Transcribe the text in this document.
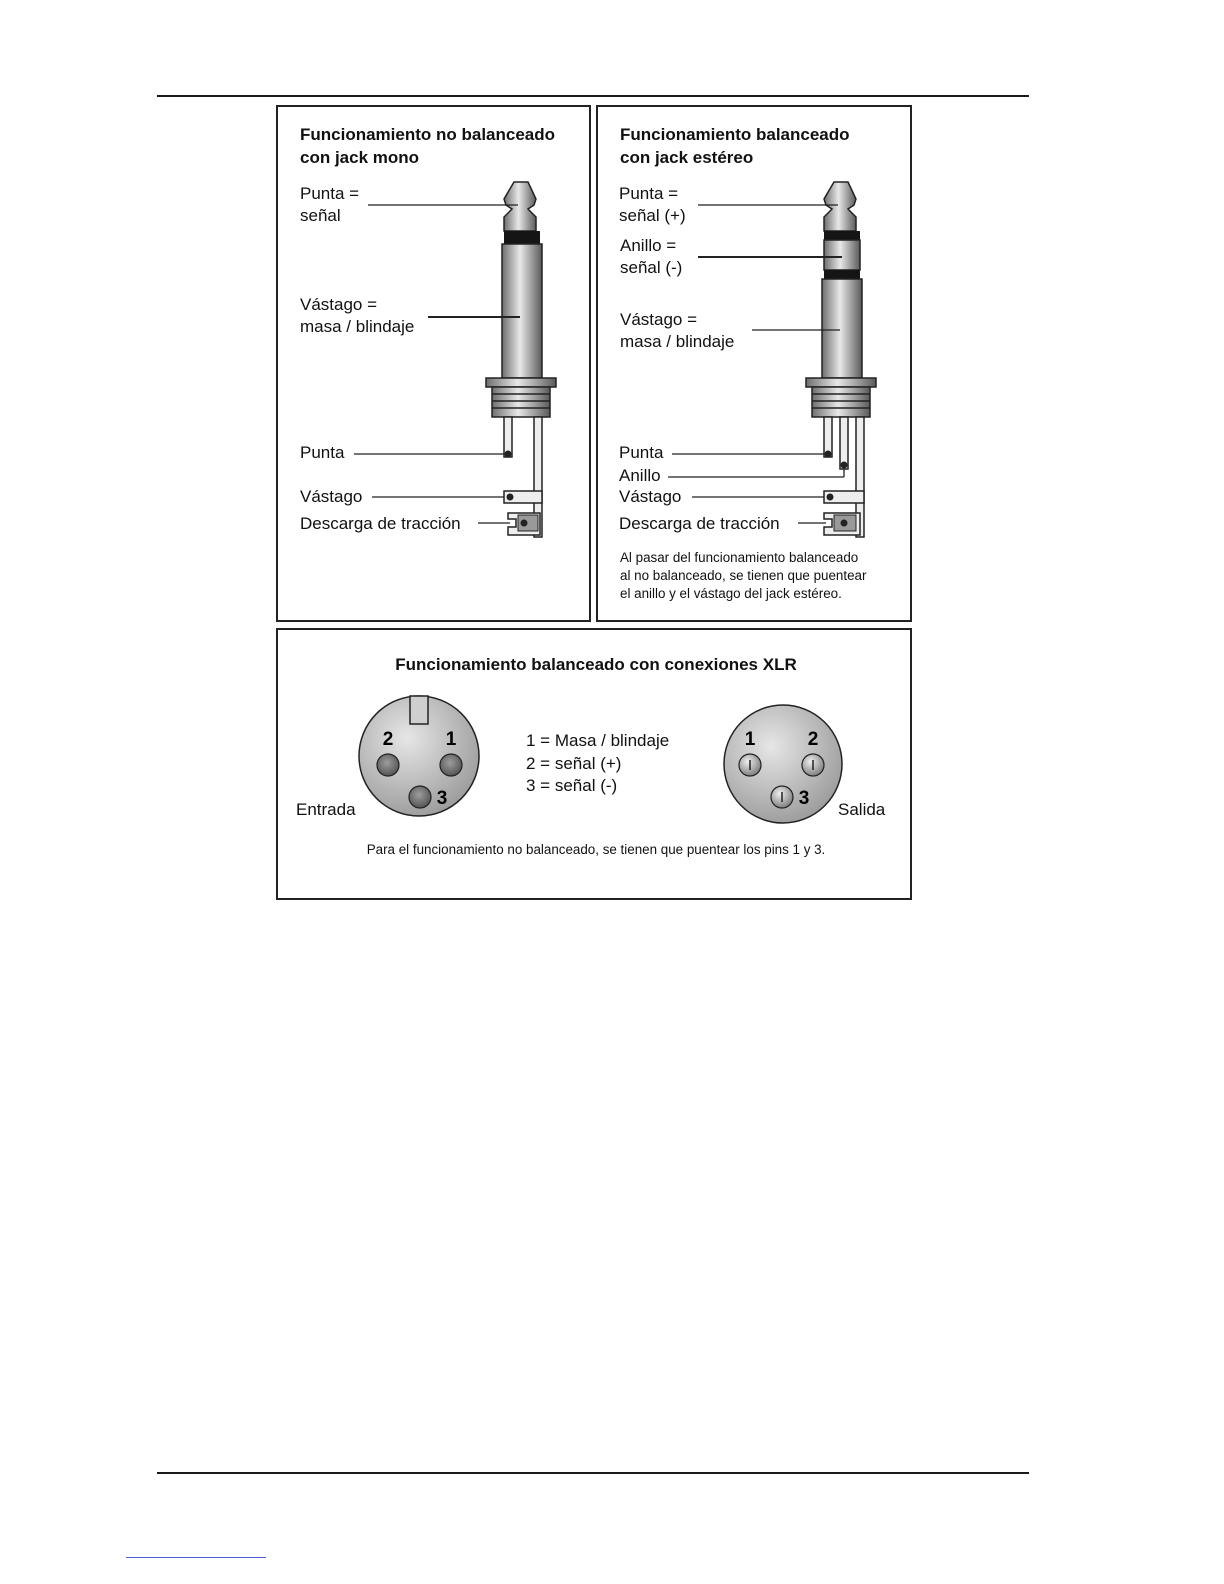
Funcionamiento no balanceado
con jack mono
Punta =
señal
Vástago =
masa / blindaje
Punta
Vástago
Descarga de tracción
Funcionamiento balanceado
con jack estéreo
Punta =
señal (+)
Anillo =
señal (-)
Vástago =
masa / blindaje
Punta
Anillo
Vástago
Descarga de tracción
Al pasar del funcionamiento balanceado
al no balanceado, se tienen que puentear
el anillo y el vástago del jack estéreo.
2	1
3
1	2
3
Funcionamiento balanceado con conexiones XLR
1 = Masa / blindaje
2 = señal (+)
3 = señal (-)
Entrada	Salida
Para el funcionamiento no balanceado, se tienen que puentear los pins 1 y 3.
